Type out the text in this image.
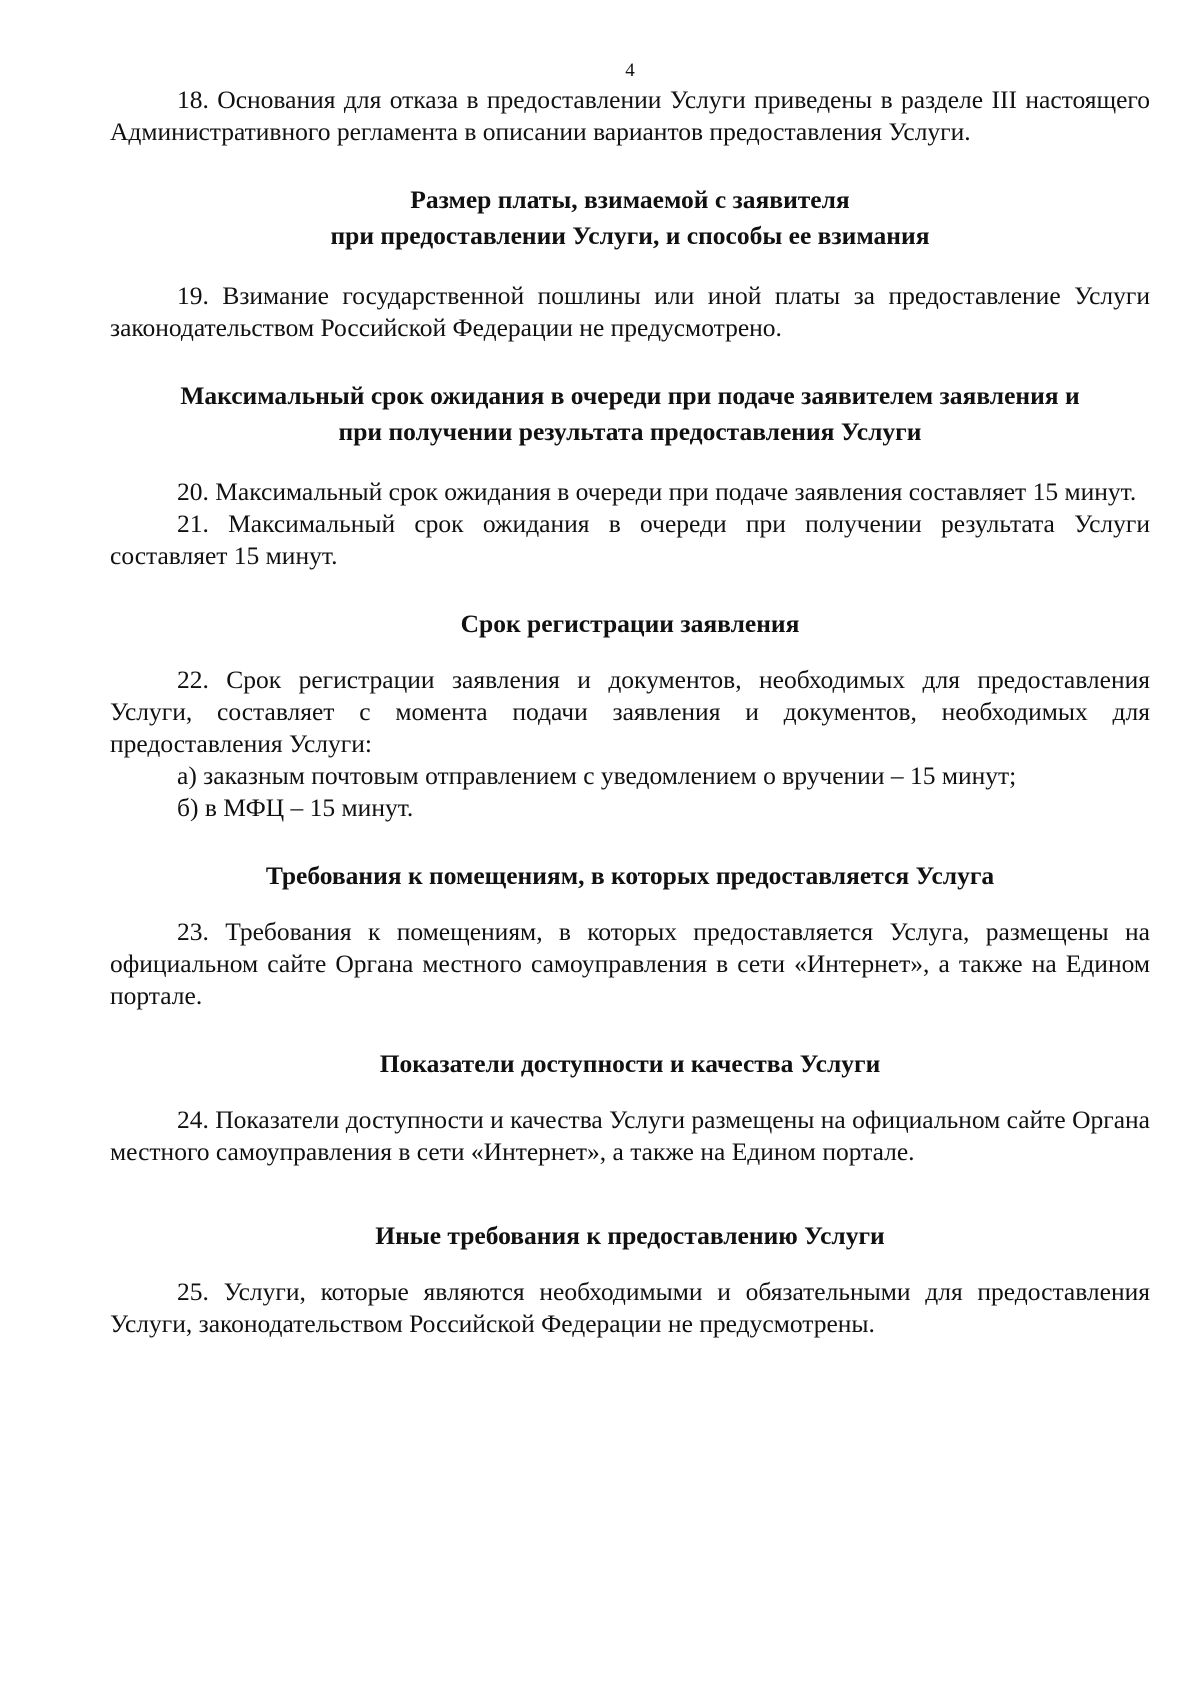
4

18. Основания для отказа в предоставлении Услуги приведены в разделе III настоящего Административного регламента в описании вариантов предоставления Услуги.

Размер платы, взимаемой с заявителя
при предоставлении Услуги, и способы ее взимания

19. Взимание государственной пошлины или иной платы за предоставление Услуги законодательством Российской Федерации не предусмотрено.

Максимальный срок ожидания в очереди при подаче заявителем заявления и
при получении результата предоставления Услуги

20. Максимальный срок ожидания в очереди при подаче заявления составляет 15 минут.

21. Максимальный срок ожидания в очереди при получении результата Услуги составляет 15 минут.

Срок регистрации заявления

22. Срок регистрации заявления и документов, необходимых для предоставления Услуги, составляет с момента подачи заявления и документов, необходимых для предоставления Услуги:

а) заказным почтовым отправлением с уведомлением о вручении – 15 минут;
б) в МФЦ – 15 минут.
Требования к помещениям, в которых предоставляется Услуга

23. Требования к помещениям, в которых предоставляется Услуга, размещены на официальном сайте Органа местного самоуправления в сети «Интернет», а также на Едином портале.

Показатели доступности и качества Услуги

24. Показатели доступности и качества Услуги размещены на официальном сайте Органа местного самоуправления в сети «Интернет», а также на Едином портале.

Иные требования к предоставлению Услуги

25. Услуги, которые являются необходимыми и обязательными для предоставления Услуги, законодательством Российской Федерации не предусмотрены.
